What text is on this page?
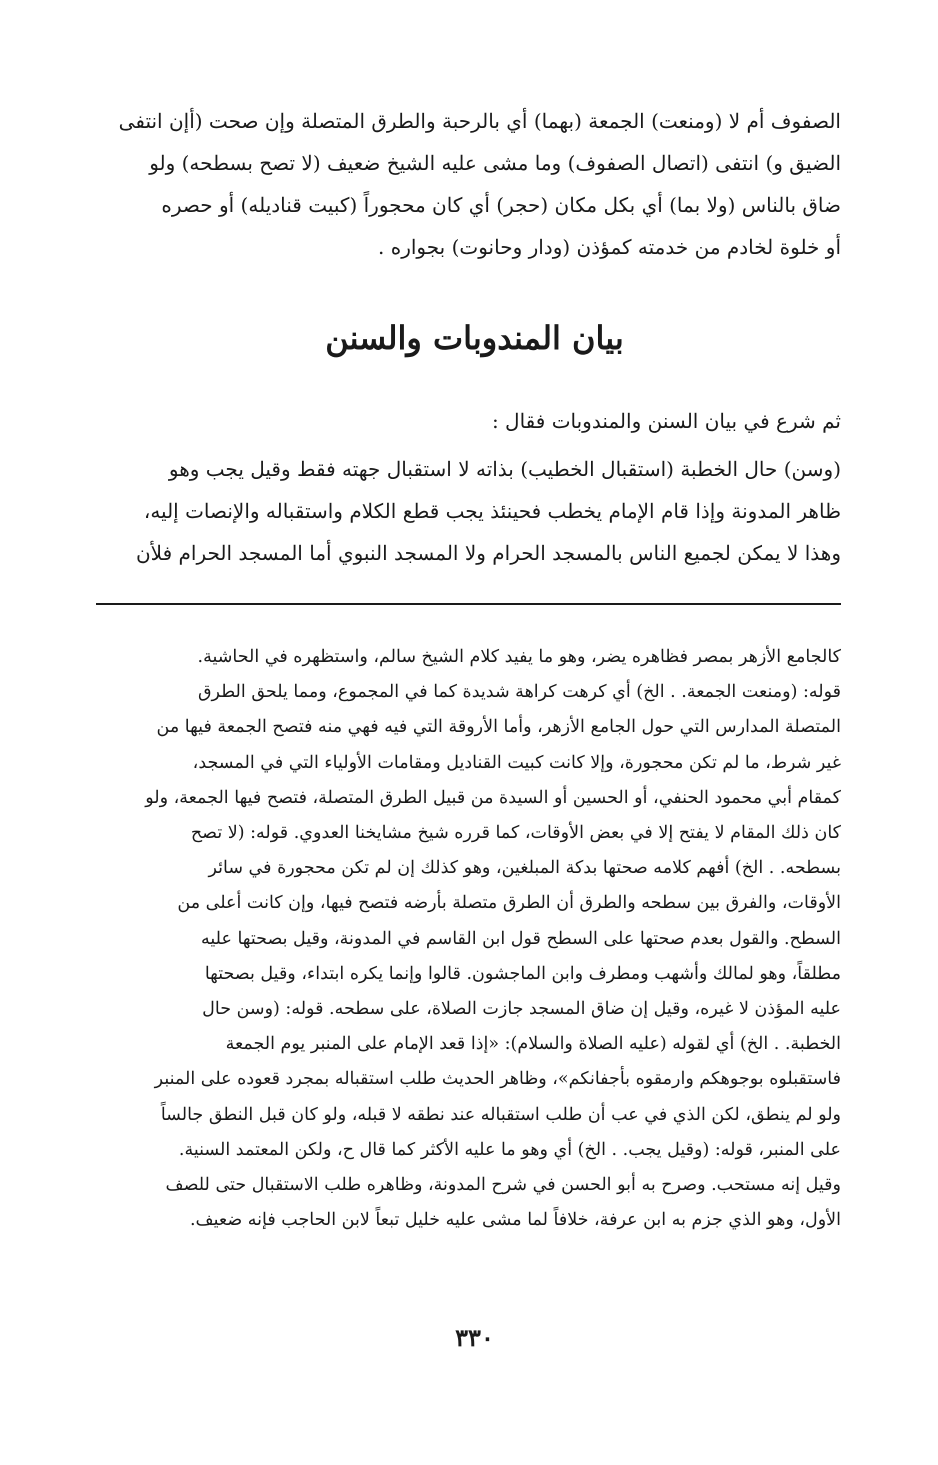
الصفوف أم لا (ومنعت) الجمعة (بهما) أي بالرحبة والطرق المتصلة وإن صحت (أإن انتفى

الضيق و) انتفى (اتصال الصفوف) وما مشى عليه الشيخ ضعيف (لا تصح بسطحه) ولو

ضاق بالناس (ولا بما) أي بكل مكان (حجر) أي كان محجوراً (كبيت قناديله) أو حصره

أو خلوة لخادم من خدمته كمؤذن (ودار وحانوت) بجواره .

بيان المندوبات والسنن
ثم شرع في بيان السنن والمندوبات فقال :

(وسن) حال الخطبة (استقبال الخطيب) بذاته لا استقبال جهته فقط وقيل يجب وهو

ظاهر المدونة وإذا قام الإمام يخطب فحينئذ يجب قطع الكلام واستقباله والإنصات إليه،

وهذا لا يمكن لجميع الناس بالمسجد الحرام ولا المسجد النبوي أما المسجد الحرام فلأن

كالجامع الأزهر بمصر فظاهره يضر، وهو ما يفيد كلام الشيخ سالم، واستظهره في الحاشية.

قوله: (ومنعت الجمعة. . الخ) أي كرهت كراهة شديدة كما في المجموع، ومما يلحق الطرق

المتصلة المدارس التي حول الجامع الأزهر، وأما الأروقة التي فيه فهي منه فتصح الجمعة فيها من

غير شرط، ما لم تكن محجورة، وإلا كانت كبيت القناديل ومقامات الأولياء التي في المسجد،

كمقام أبي محمود الحنفي، أو الحسين أو السيدة من قبيل الطرق المتصلة، فتصح فيها الجمعة، ولو

كان ذلك المقام لا يفتح إلا في بعض الأوقات، كما قرره شيخ مشايخنا العدوي. قوله: (لا تصح

بسطحه. . الخ) أفهم كلامه صحتها بدكة المبلغين، وهو كذلك إن لم تكن محجورة في سائر

الأوقات، والفرق بين سطحه والطرق أن الطرق متصلة بأرضه فتصح فيها، وإن كانت أعلى من

السطح. والقول بعدم صحتها على السطح قول ابن القاسم في المدونة، وقيل بصحتها عليه

مطلقاً، وهو لمالك وأشهب ومطرف وابن الماجشون. قالوا وإنما يكره ابتداء، وقيل بصحتها

عليه المؤذن لا غيره، وقيل إن ضاق المسجد جازت الصلاة، على سطحه. قوله: (وسن حال

الخطبة. . الخ) أي لقوله (عليه الصلاة والسلام): «إذا قعد الإمام على المنبر يوم الجمعة

فاستقبلوه بوجوهكم وارمقوه بأجفانكم»، وظاهر الحديث طلب استقباله بمجرد قعوده على المنبر

ولو لم ينطق، لكن الذي في عب أن طلب استقباله عند نطقه لا قبله، ولو كان قبل النطق جالساً

على المنبر، قوله: (وقيل يجب. . الخ) أي وهو ما عليه الأكثر كما قال ح، ولكن المعتمد السنية.

وقيل إنه مستحب. وصرح به أبو الحسن في شرح المدونة، وظاهره طلب الاستقبال حتى للصف

الأول، وهو الذي جزم به ابن عرفة، خلافاً لما مشى عليه خليل تبعاً لابن الحاجب فإنه ضعيف.

٣٣٠
